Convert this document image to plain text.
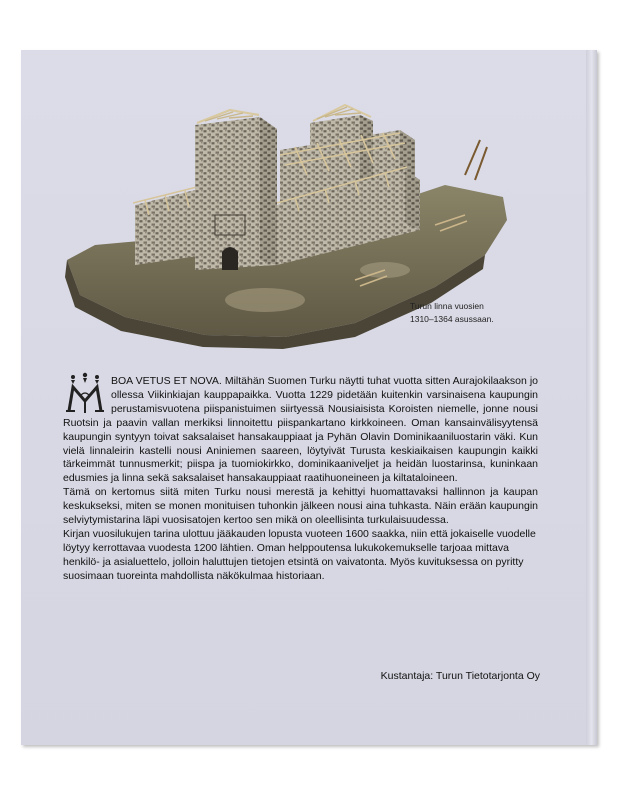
Turun linna vuosien
1310–1364 asussaan.

BOA VETUS ET NOVA. Miltähän Suomen Turku näytti tuhat vuotta sitten Aurajokilaakson jo ollessa Viikinkiajan kauppapaikka. Vuotta 1229 pidetään kuitenkin varsinaisena kaupungin perustamisvuotena piispanistuimen siirtyessä Nousiaisista Koroisten niemelle, jonne nousi Ruotsin ja paavin vallan merkiksi linnoitettu piispankartano kirkkoineen. Oman kansainvälisyytensä kaupungin syntyyn toivat saksalaiset hansakauppiaat ja Pyhän Olavin Dominikaaniluostarin väki. Kun vielä linnaleirin kastelli nousi Aniniemen saareen, löytyivät Turusta keskiaikaisen kaupungin kaikki tärkeimmät tunnusmerkit; piispa ja tuomiokirkko, dominikaaniveljet ja heidän luostarinsa, kuninkaan edusmies ja linna sekä saksalaiset hansakauppiaat raatihuoneineen ja kiltataloineen.

Tämä on kertomus siitä miten Turku nousi merestä ja kehittyi huomattavaksi hallinnon ja kaupan keskukseksi, miten se monen monituisen tuhonkin jälkeen nousi aina tuhkasta. Näin erään kaupungin selviytymistarina läpi vuosisatojen kertoo sen mikä on oleellisinta turkulaisuudessa.

Kirjan vuosilukujen tarina ulottuu jääkauden lopusta vuoteen 1600 saakka, niin että jokaiselle vuodelle löytyy kerrottavaa vuodesta 1200 lähtien. Oman helppoutensa lukukokemukselle tarjoaa mittava henkilö- ja asialuettelo, jolloin haluttujen tietojen etsintä on vaivatonta. Myös kuvituksessa on pyritty suosimaan tuoreinta mahdollista näkökulmaa historiaan.

Kustantaja: Turun Tietotarjonta Oy
